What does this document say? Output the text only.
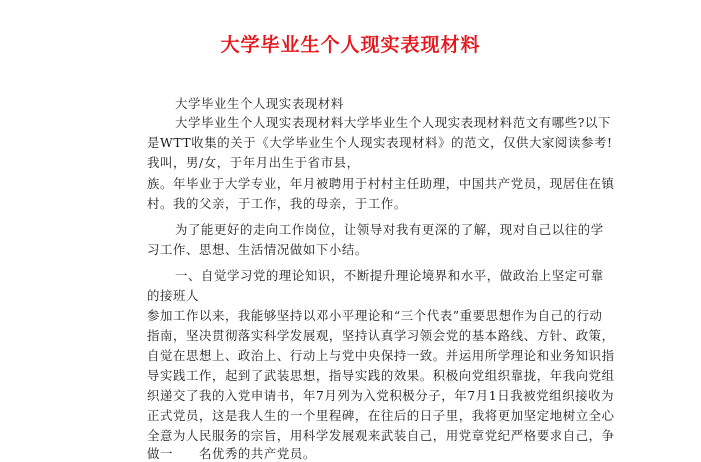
大学毕业生个人现实表现材料
大学毕业生个人现实表现材料
大学毕业生个人现实表现材料大学毕业生个人现实表现材料范文有哪些?以下
是WTT收集的关于《大学毕业生个人现实表现材料》的范文，仅供大家阅读参考!
我叫，男/女，于年月出生于省市县，
族。年毕业于大学专业，年月被聘用于村村主任助理，中国共产党员，现居住在镇
村。我的父亲，于工作，我的母亲，于工作。
为了能更好的走向工作岗位，让领导对我有更深的了解，现对自己以往的学
习工作、思想、生活情况做如下小结。
一、自觉学习党的理论知识，不断提升理论境界和水平，做政治上坚定可靠
的接班人
参加工作以来，我能够坚持以邓小平理论和“三个代表”重要思想作为自己的行动
指南，坚决贯彻落实科学发展观，坚持认真学习领会党的基本路线、方针、政策，
自觉在思想上、政治上、行动上与党中央保持一致。并运用所学理论和业务知识指
导实践工作，起到了武装思想，指导实践的效果。积极向党组织靠拢，年我向党组
织递交了我的入党申请书，年7月列为入党积极分子，年7月1日我被党组织接收为
正式党员，这是我人生的一个里程碑，在往后的日子里，我将更加坚定地树立全心
全意为人民服务的宗旨，用科学发展观来武装自己，用党章党纪严格要求自己，争
做一　　名优秀的共产党员。
